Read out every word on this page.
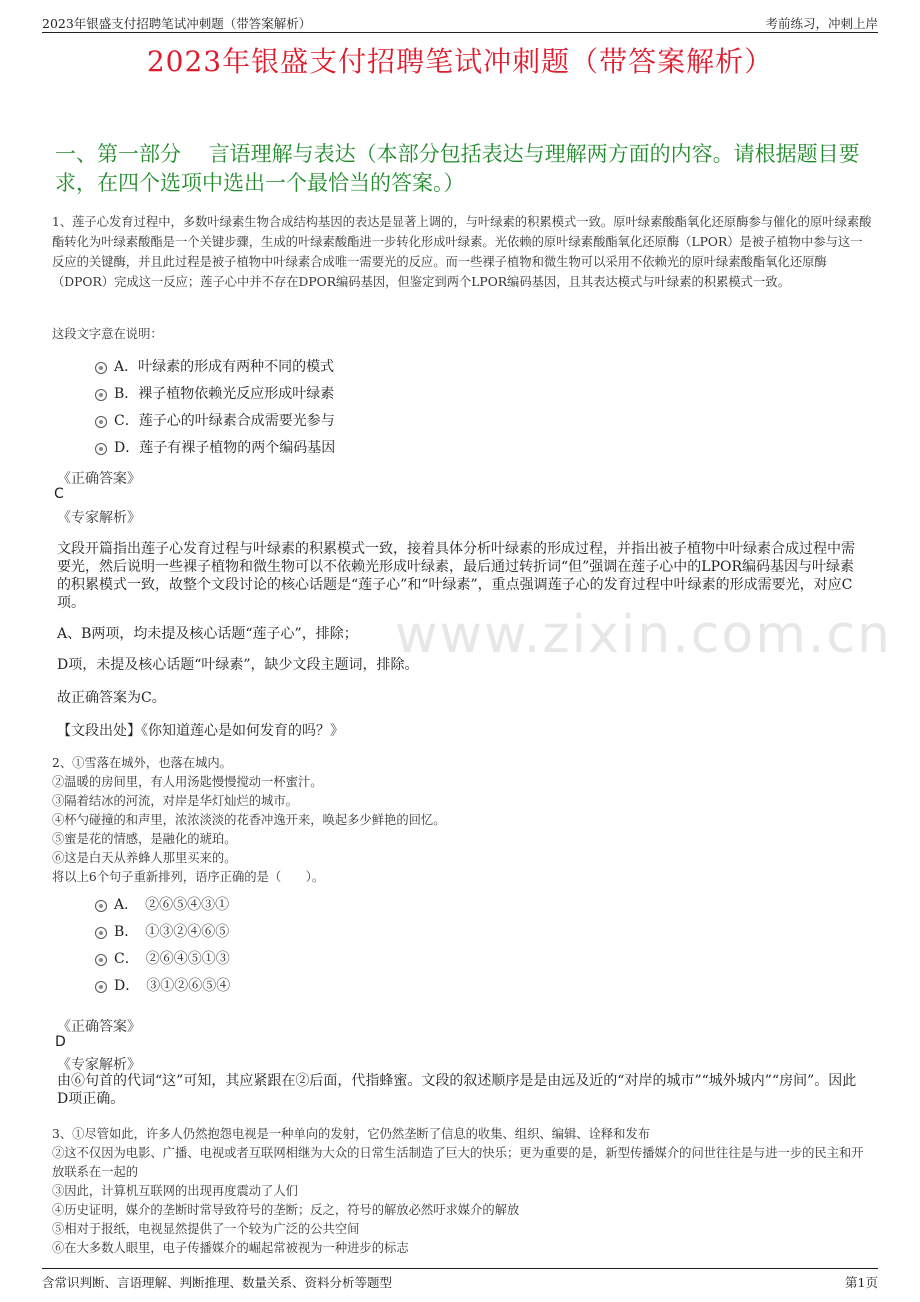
2023年银盛支付招聘笔试冲刺题（带答案解析）	考前练习，冲刺上岸
2023年银盛支付招聘笔试冲刺题（带答案解析）
一、第一部分　 言语理解与表达（本部分包括表达与理解两方面的内容。请根据题目要求，在四个选项中选出一个最恰当的答案。）
1、莲子心发育过程中，多数叶绿素生物合成结构基因的表达是显著上调的，与叶绿素的积累模式一致。原叶绿素酸酯氧化还原酶参与催化的原叶绿素酸酯转化为叶绿素酸酯是一个关键步骤，生成的叶绿素酸酯进一步转化形成叶绿素。光依赖的原叶绿素酸酯氧化还原酶（LPOR）是被子植物中参与这一反应的关键酶，并且此过程是被子植物中叶绿素合成唯一需要光的反应。而一些裸子植物和微生物可以采用不依赖光的原叶绿素酸酯氧化还原酶（DPOR）完成这一反应；莲子心中并不存在DPOR编码基因，但鉴定到两个LPOR编码基因，且其表达模式与叶绿素的积累模式一致。
这段文字意在说明：
A．叶绿素的形成有两种不同的模式
B．裸子植物依赖光反应形成叶绿素
C．莲子心的叶绿素合成需要光参与
D．莲子有裸子植物的两个编码基因
《正确答案》
C
《专家解析》
文段开篇指出莲子心发育过程与叶绿素的积累模式一致，接着具体分析叶绿素的形成过程，并指出被子植物中叶绿素合成过程中需要光，然后说明一些裸子植物和微生物可以不依赖光形成叶绿素，最后通过转折词“但”强调在莲子心中的LPOR编码基因与叶绿素的积累模式一致，故整个文段讨论的核心话题是“莲子心”和“叶绿素”，重点强调莲子心的发育过程中叶绿素的形成需要光，对应C项。
A、B两项，均未提及核心话题“莲子心”，排除；
D项，未提及核心话题“叶绿素”，缺少文段主题词，排除。
故正确答案为C。
【文段出处】《你知道莲心是如何发育的吗？》
www.zixin.com.cn
2、①雪落在城外，也落在城内。
②温暖的房间里，有人用汤匙慢慢搅动一杯蜜汁。
③隔着结冰的河流，对岸是华灯灿烂的城市。
④杯勺碰撞的和声里，浓浓淡淡的花香冲逸开来，唤起多少鲜艳的回忆。
⑤蜜是花的情感，是融化的琥珀。
⑥这是白天从养蜂人那里买来的。
将以上6个句子重新排列，语序正确的是（　　）。
A．　②⑥⑤④③①
B．　①③②④⑥⑤
C．　②⑥④⑤①③
D．　③①②⑥⑤④
《正确答案》
D
《专家解析》
由⑥句首的代词“这”可知，其应紧跟在②后面，代指蜂蜜。文段的叙述顺序是是由远及近的“对岸的城市”“城外城内”“房间”。因此D项正确。
3、①尽管如此，许多人仍然抱怨电视是一种单向的发射，它仍然垄断了信息的收集、组织、编辑、诠释和发布
②这不仅因为电影、广播、电视或者互联网相继为大众的日常生活制造了巨大的快乐；更为重要的是，新型传播媒介的问世往往是与进一步的民主和开放联系在一起的
③因此，计算机互联网的出现再度震动了人们
④历史证明，媒介的垄断时常导致符号的垄断；反之，符号的解放必然吁求媒介的解放
⑤相对于报纸，电视显然提供了一个较为广泛的公共空间
⑥在大多数人眼里，电子传播媒介的崛起常被视为一种进步的标志
含常识判断、言语理解、判断推理、数量关系、资料分析等题型	第1页
